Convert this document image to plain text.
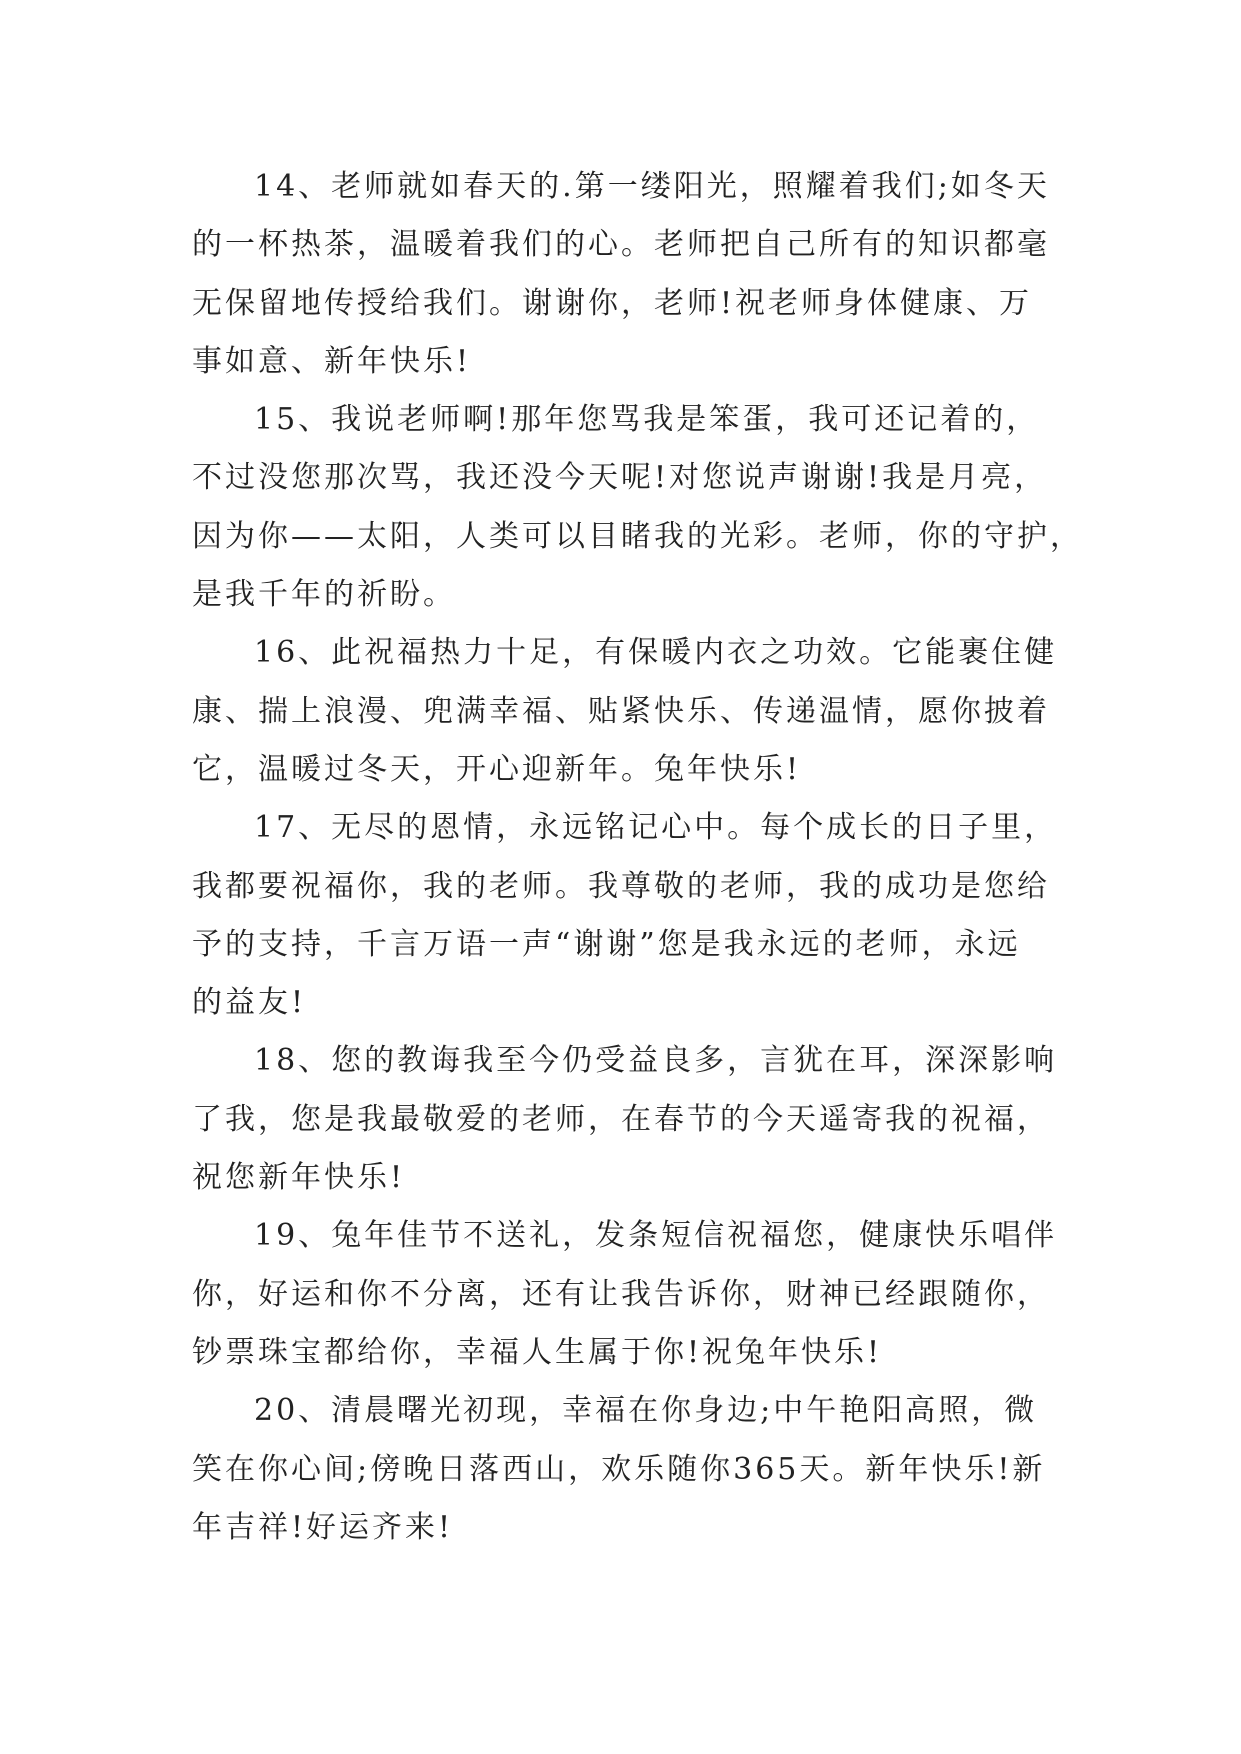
14、老师就如春天的.第一缕阳光，照耀着我们;如冬天
的一杯热茶，温暖着我们的心。老师把自己所有的知识都毫
无保留地传授给我们。谢谢你，老师!祝老师身体健康、万
事如意、新年快乐!
15、我说老师啊!那年您骂我是笨蛋，我可还记着的，
不过没您那次骂，我还没今天呢!对您说声谢谢!我是月亮，
因为你——太阳，人类可以目睹我的光彩。老师，你的守护，
是我千年的祈盼。
16、此祝福热力十足，有保暖内衣之功效。它能裹住健
康、揣上浪漫、兜满幸福、贴紧快乐、传递温情，愿你披着
它，温暖过冬天，开心迎新年。兔年快乐!
17、无尽的恩情，永远铭记心中。每个成长的日子里，
我都要祝福你，我的老师。我尊敬的老师，我的成功是您给
予的支持，千言万语一声“谢谢”您是我永远的老师，永远
的益友!
18、您的教诲我至今仍受益良多，言犹在耳，深深影响
了我，您是我最敬爱的老师，在春节的今天遥寄我的祝福，
祝您新年快乐!
19、兔年佳节不送礼，发条短信祝福您，健康快乐唱伴
你，好运和你不分离，还有让我告诉你，财神已经跟随你，
钞票珠宝都给你，幸福人生属于你!祝兔年快乐!
20、清晨曙光初现，幸福在你身边;中午艳阳高照，微
笑在你心间;傍晚日落西山，欢乐随你365天。新年快乐!新
年吉祥!好运齐来!
